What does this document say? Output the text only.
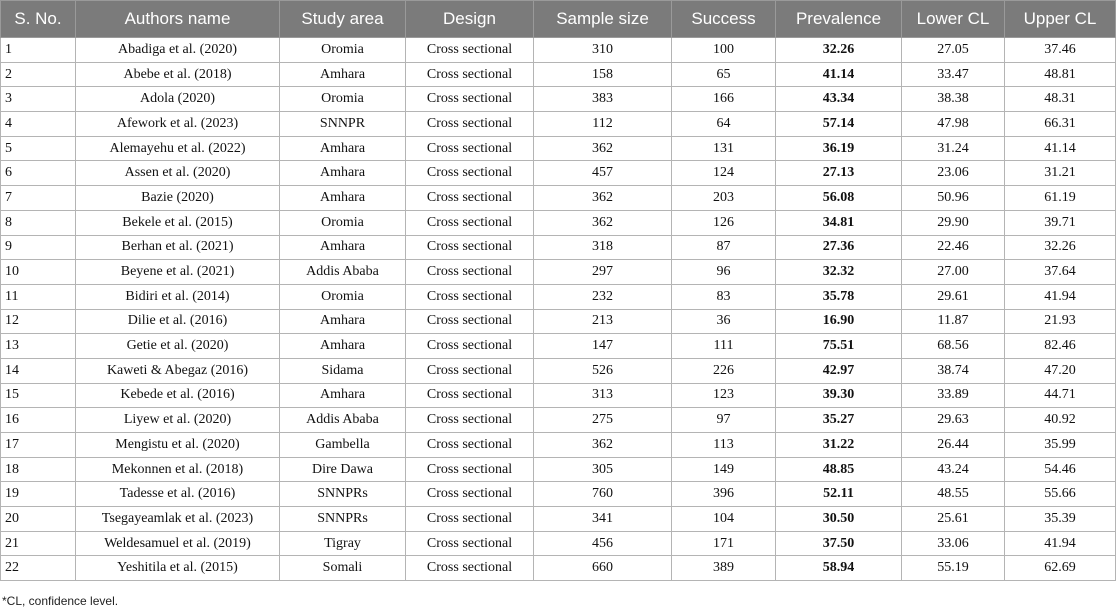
S. No.	Authors name	Study area	Design	Sample size	Success	Prevalence	Lower CL	Upper CL
1	Abadiga et al. (2020)	Oromia	Cross sectional	310	100	32.26	27.05	37.46
2	Abebe et al. (2018)	Amhara	Cross sectional	158	65	41.14	33.47	48.81
3	Adola (2020)	Oromia	Cross sectional	383	166	43.34	38.38	48.31
4	Afework et al. (2023)	SNNPR	Cross sectional	112	64	57.14	47.98	66.31
5	Alemayehu et al. (2022)	Amhara	Cross sectional	362	131	36.19	31.24	41.14
6	Assen et al. (2020)	Amhara	Cross sectional	457	124	27.13	23.06	31.21
7	Bazie (2020)	Amhara	Cross sectional	362	203	56.08	50.96	61.19
8	Bekele et al. (2015)	Oromia	Cross sectional	362	126	34.81	29.90	39.71
9	Berhan et al. (2021)	Amhara	Cross sectional	318	87	27.36	22.46	32.26
10	Beyene et al. (2021)	Addis Ababa	Cross sectional	297	96	32.32	27.00	37.64
11	Bidiri et al. (2014)	Oromia	Cross sectional	232	83	35.78	29.61	41.94
12	Dilie et al. (2016)	Amhara	Cross sectional	213	36	16.90	11.87	21.93
13	Getie et al. (2020)	Amhara	Cross sectional	147	111	75.51	68.56	82.46
14	Kaweti & Abegaz (2016)	Sidama	Cross sectional	526	226	42.97	38.74	47.20
15	Kebede et al. (2016)	Amhara	Cross sectional	313	123	39.30	33.89	44.71
16	Liyew et al. (2020)	Addis Ababa	Cross sectional	275	97	35.27	29.63	40.92
17	Mengistu et al. (2020)	Gambella	Cross sectional	362	113	31.22	26.44	35.99
18	Mekonnen et al. (2018)	Dire Dawa	Cross sectional	305	149	48.85	43.24	54.46
19	Tadesse et al. (2016)	SNNPRs	Cross sectional	760	396	52.11	48.55	55.66
20	Tsegayeamlak et al. (2023)	SNNPRs	Cross sectional	341	104	30.50	25.61	35.39
21	Weldesamuel et al. (2019)	Tigray	Cross sectional	456	171	37.50	33.06	41.94
22	Yeshitila et al. (2015)	Somali	Cross sectional	660	389	58.94	55.19	62.69
*CL, confidence level.
